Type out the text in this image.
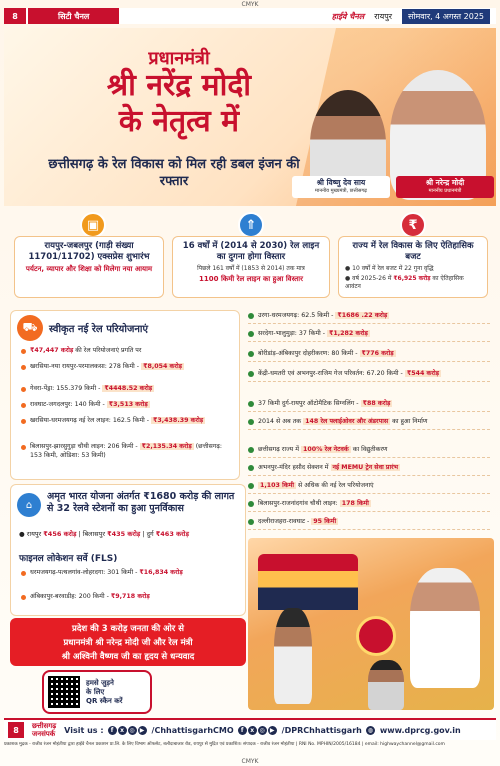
CMYK
8	सिटी चैनल	हाईवे चैनल रायपुर	सोमवार, 4 अगस्त 2025
प्रधानमंत्री
श्री नरेंद्र मोदी
के नेतृत्व में
छत्तीसगढ़ के रेल विकास को मिल रही डबल इंजन की रफ्तार	श्री विष्णु देव साय
माननीय मुख्यमंत्री, छत्तीसगढ़
श्री नरेन्द्र मोदी
माननीय प्रधानमंत्री
▣	⇑	₹
रायपुर-जबलपुर (गाड़ी संख्या 11701/11702) एक्सप्रेस शुभारंभ
पर्यटन, व्यापार और शिक्षा को मिलेगा नया आयाम
16 वर्षों में (2014 से 2030) रेल लाइन का दुगना होगा विस्तार
पिछले 161 वर्षों में (1853 से 2014) तक मात्र
1100 किमी रेल लाइन का हुआ विस्तार
राज्य में रेल विकास के लिए ऐतिहासिक बजट
● 10 वर्षों में रेल बजट में 22 गुना वृद्धि
● वर्ष 2025-26 में ₹6,925 करोड़ का ऐतिहासिक आवंटन
⛟	स्वीकृत नई रेल परियोजनाएं
₹47,447 करोड़ की रेल परियोजनाएं प्रगति पर
खरसिया-नया रायपुर-परमालकसा: 278 किमी - ₹8,054 करोड़
गेवरा-पेंड्रा: 155.379 किमी - ₹4448.52 करोड़
रावघाट-जगदलपुर: 140 किमी - ₹3,513 करोड़
खरसिया-धरमजयगढ़ नई रेल लाइन: 162.5 किमी - ₹3,438.39 करोड़
बिलासपुर-झारसुगुड़ा चौथी लाइन: 206 किमी - ₹2,135.34 करोड़ (छत्तीसगढ़: 153 किमी, ओडिशा: 53 किमी)
उरगा-धरमजयगढ़: 62.5 किमी - ₹1686 .22 करोड़
सरदेगा-भालुमुड़ा: 37 किमी - ₹1,282 करोड़
बोरीडांड़-अंबिकापुर दोहरीकरण: 80 किमी - ₹776 करोड़
केंद्री-धमतरी एवं अभनपुर-राजिम गेज परिवर्तन: 67.20 किमी - ₹544 करोड़
37 किमी दुर्ग-रायपुर ऑटोमैटिक सिग्नलिंग - ₹88 करोड़
2014 से अब तक 148 रेल फ्लाईओवर और अंडरपास का हुआ निर्माण
छत्तीसगढ़ राज्य में 100% रेल नेटवर्क का विद्युतीकरण
अभनपुर-मंदिर हसौद सेक्शन में नई MEMU ट्रेन सेवा प्रारंभ
1,103 किमी से अधिक की नई रेल परियोजनाएं
बिलासपुर-राजनांदगांव चौथी लाइन: 178 किमी
दल्लीराजहरा-रावघाट - 95 किमी
⌂
अमृत भारत योजना अंतर्गत ₹1680 करोड़ की लागत से 32 रेलवे स्टेशनों का हुआ पुनर्विकास
● रायपुर ₹456 करोड़ | बिलासपुर ₹435 करोड़ | दुर्ग ₹463 करोड़
फाइनल लोकेशन सर्वे (FLS)
धरमजयगढ़-पत्थलगांव-लोहरदगा: 301 किमी - ₹16,834 करोड़
अंबिकापुर-बरवाडीह: 200 किमी - ₹9,718 करोड़
प्रदेश की 3 करोड़ जनता की ओर से
प्रधानमंत्री श्री नरेन्द्र मोदी जी और रेल मंत्री
श्री अश्विनी वैष्णव जी का हृदय से धन्यवाद
हमसे जुड़ने
के लिए
QR स्कैन करें
8	छत्तीसगढ़
जनसंपर्क Visit us :	f x ◎ ▶ /ChhattisgarhCMO	f x ◎ ▶ /DPRChhattisgarh ◍ www.dprcg.gov.in
प्रकाशक मुद्रक - राजीव रंजन मोहंतीया द्वारा हाईवे चैनल प्रकाशन प्रा.लि. के लिए विभाग ऑफसेट, बलौदाबाजार रोड, रायपुर से मुद्रित एवं प्रकाशित। संपादक - राजीव रंजन मोहंतीया | RNI No. MPHIN/2005/16184 | email: highwaychannel@gmail.com
CMYK
